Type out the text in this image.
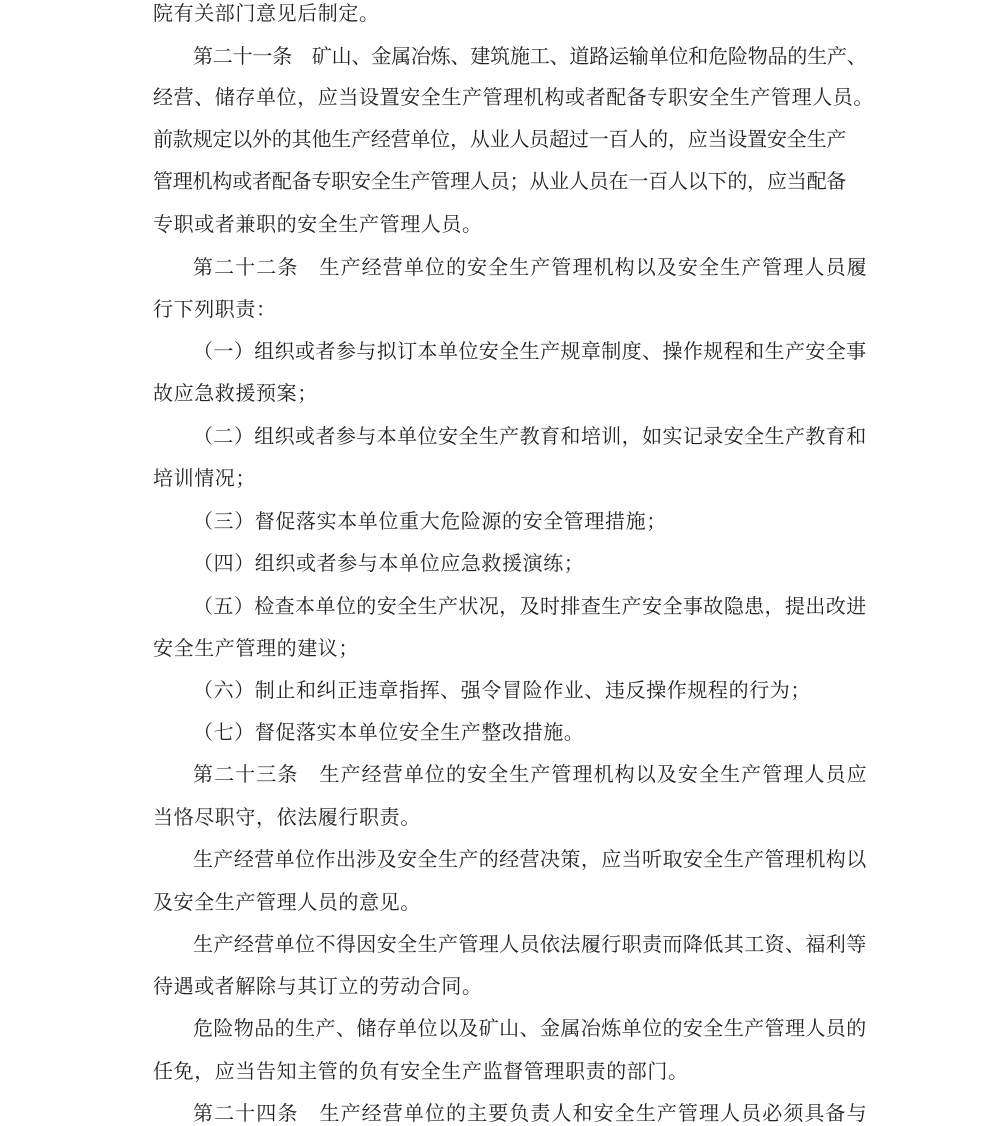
院有关部门意见后制定。
第二十一条　矿山、金属冶炼、建筑施工、道路运输单位和危险物品的生产、
经营、储存单位，应当设置安全生产管理机构或者配备专职安全生产管理人员。
前款规定以外的其他生产经营单位，从业人员超过一百人的，应当设置安全生产
管理机构或者配备专职安全生产管理人员；从业人员在一百人以下的，应当配备
专职或者兼职的安全生产管理人员。
第二十二条　生产经营单位的安全生产管理机构以及安全生产管理人员履
行下列职责：
（一）组织或者参与拟订本单位安全生产规章制度、操作规程和生产安全事
故应急救援预案；
（二）组织或者参与本单位安全生产教育和培训，如实记录安全生产教育和
培训情况；
（三）督促落实本单位重大危险源的安全管理措施；
（四）组织或者参与本单位应急救援演练；
（五）检查本单位的安全生产状况，及时排查生产安全事故隐患，提出改进
安全生产管理的建议；
（六）制止和纠正违章指挥、强令冒险作业、违反操作规程的行为；
（七）督促落实本单位安全生产整改措施。
第二十三条　生产经营单位的安全生产管理机构以及安全生产管理人员应
当恪尽职守，依法履行职责。
生产经营单位作出涉及安全生产的经营决策，应当听取安全生产管理机构以
及安全生产管理人员的意见。
生产经营单位不得因安全生产管理人员依法履行职责而降低其工资、福利等
待遇或者解除与其订立的劳动合同。
危险物品的生产、储存单位以及矿山、金属冶炼单位的安全生产管理人员的
任免，应当告知主管的负有安全生产监督管理职责的部门。
第二十四条　生产经营单位的主要负责人和安全生产管理人员必须具备与
